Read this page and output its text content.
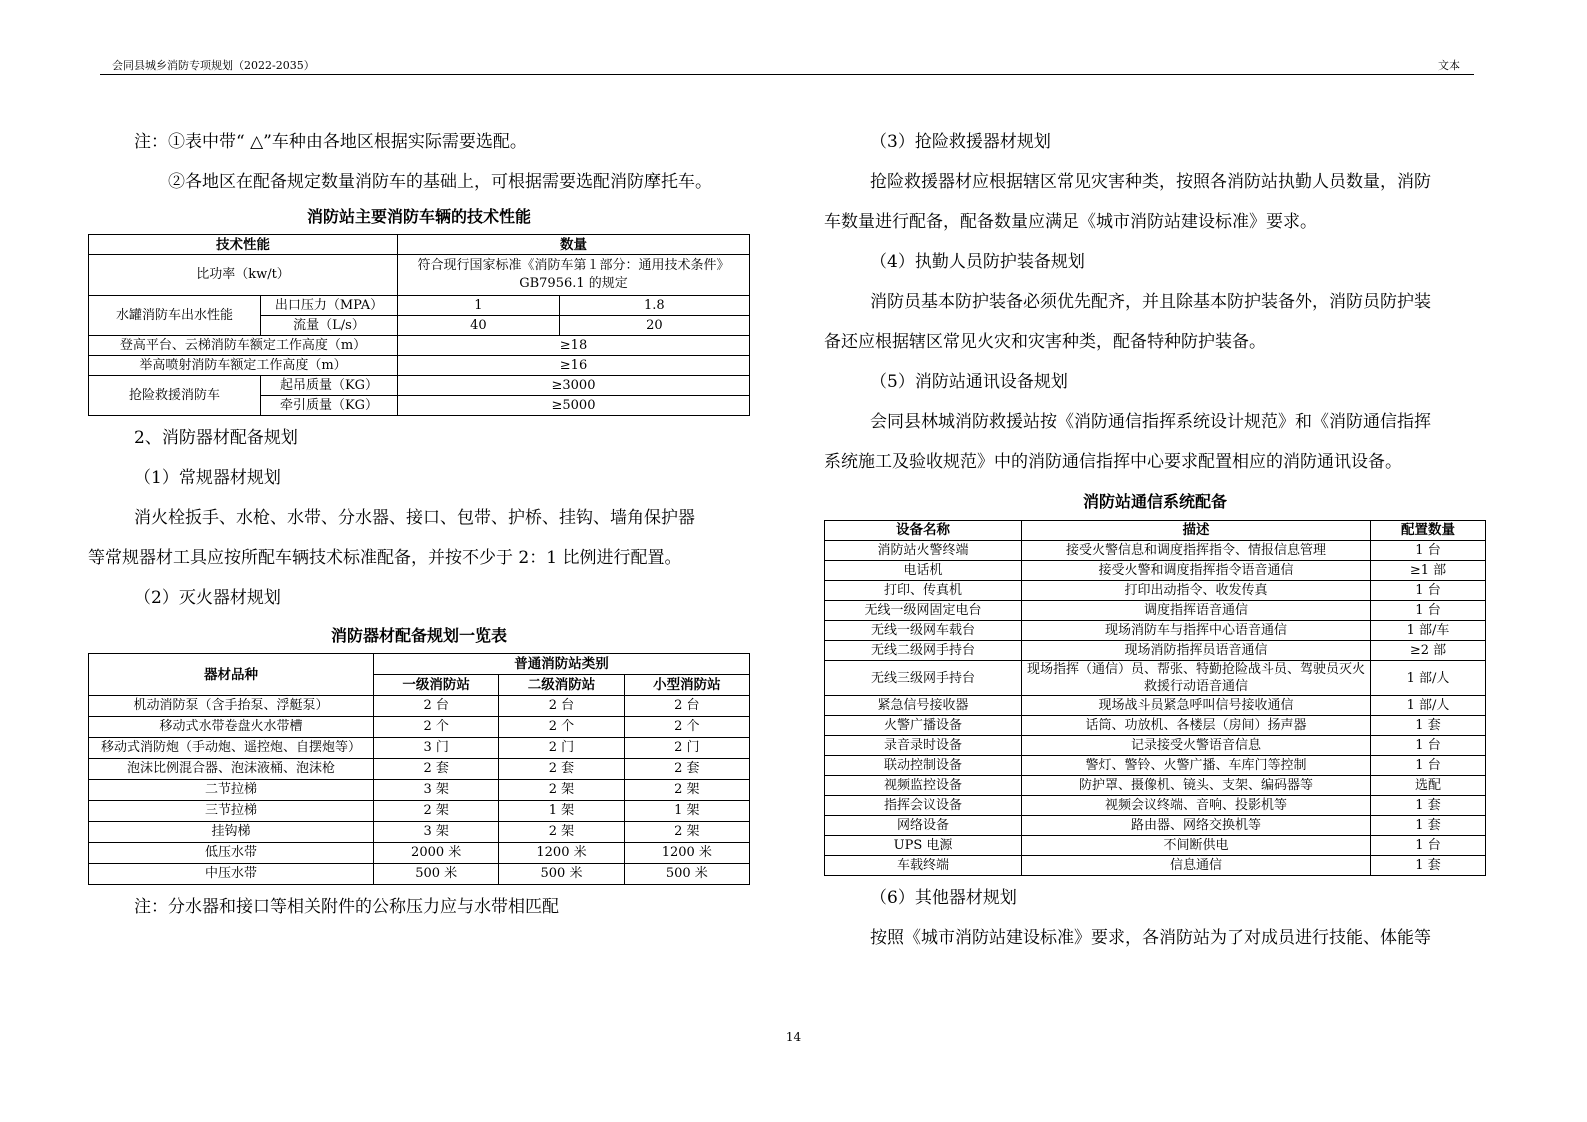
会同县城乡消防专项规划（2022-2035）	文本

注：①表中带“ △”车种由各地区根据实际需要选配。

②各地区在配备规定数量消防车的基础上，可根据需要选配消防摩托车。

消防站主要消防车辆的技术性能
技术性能		数量	
比功率（kw/t）		符合现行国家标准《消防车第１部分：通用技术条件》GB7956.1 的规定	
水罐消防车出水性能	出口压力（MPA）	1	1.8
	流量（L/s）	40	20
登高平台、云梯消防车额定工作高度（m）		≥18	
举高喷射消防车额定工作高度（m）		≥16	
抢险救援消防车	起吊质量（KG）	≥3000	
	牵引质量（KG）	≥5000	

2、消防器材配备规划

（1）常规器材规划

消火栓扳手、水枪、水带、分水器、接口、包带、护桥、挂钩、墙角保护器

等常规器材工具应按所配车辆技术标准配备，并按不少于 2：1 比例进行配置。

（2）灭火器材规划

消防器材配备规划一览表
器材品种	普通消防站类别		
	一级消防站	二级消防站	小型消防站
机动消防泵（含手抬泵、浮艇泵）	2 台	2 台	2 台
移动式水带卷盘火水带槽	2 个	2 个	2 个
移动式消防炮（手动炮、遥控炮、自摆炮等）	3 门	2 门	2 门
泡沫比例混合器、泡沫液桶、泡沫枪	2 套	2 套	2 套
二节拉梯	3 架	2 架	2 架
三节拉梯	2 架	1 架	1 架
挂钩梯	3 架	2 架	2 架
低压水带	2000 米	1200 米	1200 米
中压水带	500 米	500 米	500 米

注：分水器和接口等相关附件的公称压力应与水带相匹配

（3）抢险救援器材规划

抢险救援器材应根据辖区常见灾害种类，按照各消防站执勤人员数量，消防

车数量进行配备，配备数量应满足《城市消防站建设标准》要求。

（4）执勤人员防护装备规划

消防员基本防护装备必须优先配齐，并且除基本防护装备外，消防员防护装

备还应根据辖区常见火灾和灾害种类，配备特种防护装备。

（5）消防站通讯设备规划

会同县林城消防救援站按《消防通信指挥系统设计规范》和《消防通信指挥

系统施工及验收规范》中的消防通信指挥中心要求配置相应的消防通讯设备。

消防站通信系统配备
设备名称	描述	配置数量
消防站火警终端	接受火警信息和调度指挥指令、情报信息管理	1 台
电话机	接受火警和调度指挥指令语音通信	≥1 部
打印、传真机	打印出动指令、收发传真	1 台
无线一级网固定电台	调度指挥语音通信	1 台
无线一级网车载台	现场消防车与指挥中心语音通信	1 部/车
无线二级网手持台	现场消防指挥员语音通信	≥2 部
无线三级网手持台	现场指挥（通信）员、帮张、特勤抢险战斗员、驾驶员灭火救援行动语音通信	1 部/人
紧急信号接收器	现场战斗员紧急呼叫信号接收通信	1 部/人
火警广播设备	话筒、功放机、各楼层（房间）扬声器	1 套
录音录时设备	记录接受火警语音信息	1 台
联动控制设备	警灯、警铃、火警广播、车库门等控制	1 台
视频监控设备	防护罩、摄像机、镜头、支架、编码器等	选配
指挥会议设备	视频会议终端、音响、投影机等	1 套
网络设备	路由器、网络交换机等	1 套
UPS 电源	不间断供电	1 台
车载终端	信息通信	1 套

（6）其他器材规划

按照《城市消防站建设标准》要求，各消防站为了对成员进行技能、体能等

14
